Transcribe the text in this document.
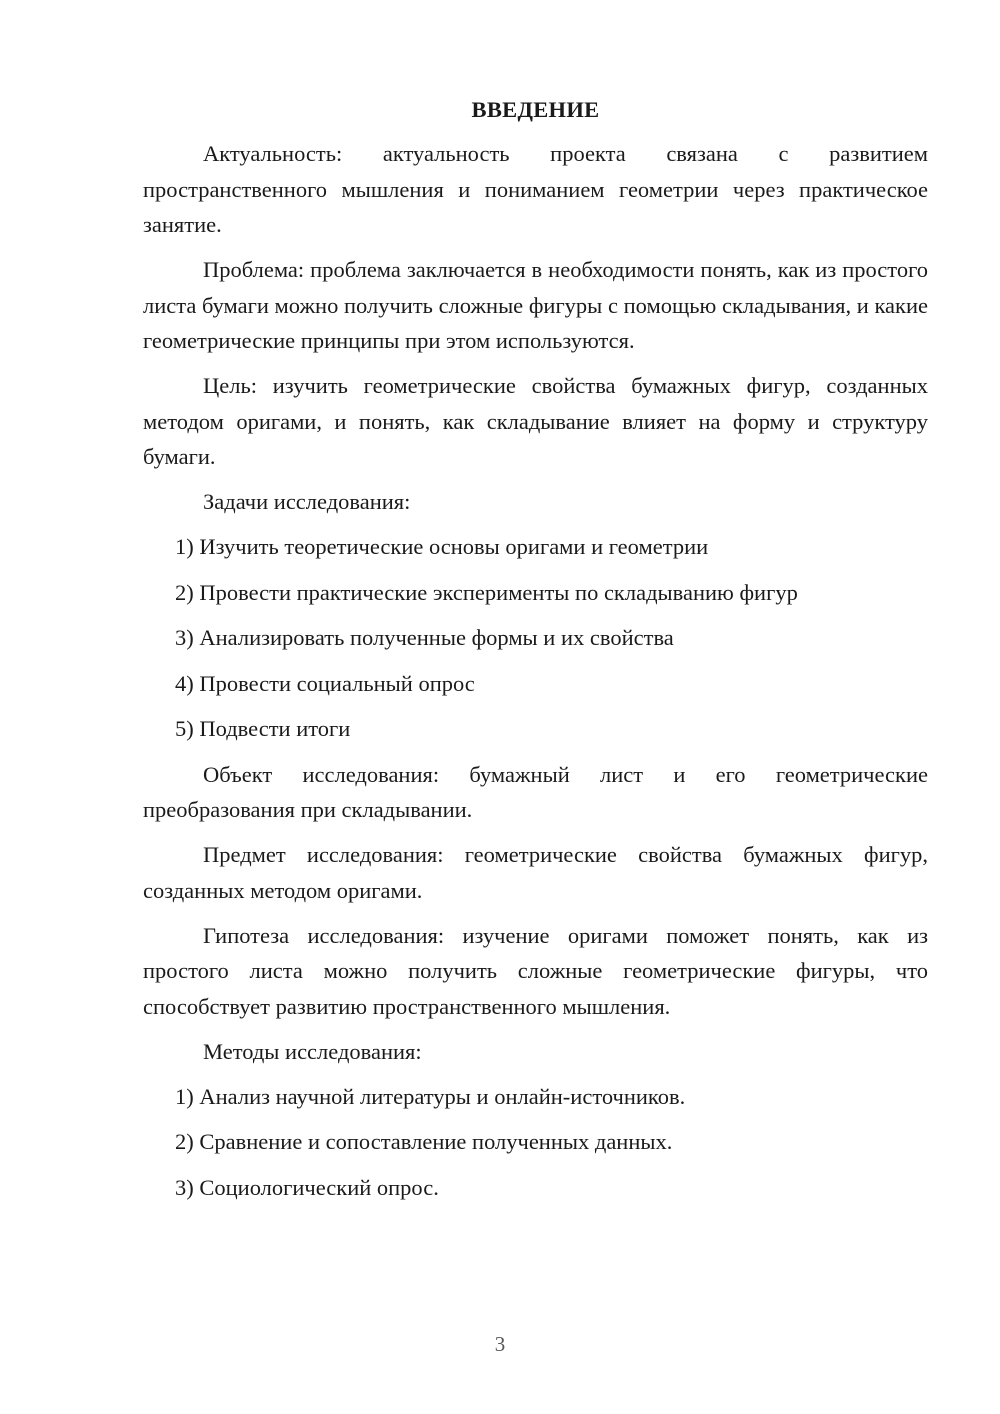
ВВЕДЕНИЕ
Актуальность: актуальность проекта связана с развитием пространственного мышления и пониманием геометрии через практическое занятие.
Проблема: проблема заключается в необходимости понять, как из простого листа бумаги можно получить сложные фигуры с помощью складывания, и какие геометрические принципы при этом используются.
Цель: изучить геометрические свойства бумажных фигур, созданных методом оригами, и понять, как складывание влияет на форму и структуру бумаги.
Задачи исследования:
1) Изучить теоретические основы оригами и геометрии
2) Провести практические эксперименты по складыванию фигур
3) Анализировать полученные формы и их свойства
4) Провести социальный опрос
5) Подвести итоги
Объект исследования: бумажный лист и его геометрические преобразования при складывании.
Предмет исследования: геометрические свойства бумажных фигур, созданных методом оригами.
Гипотеза исследования: изучение оригами поможет понять, как из простого листа можно получить сложные геометрические фигуры, что способствует развитию пространственного мышления.
Методы исследования:
1) Анализ научной литературы и онлайн-источников.
2) Сравнение и сопоставление полученных данных.
3) Социологический опрос.
3
